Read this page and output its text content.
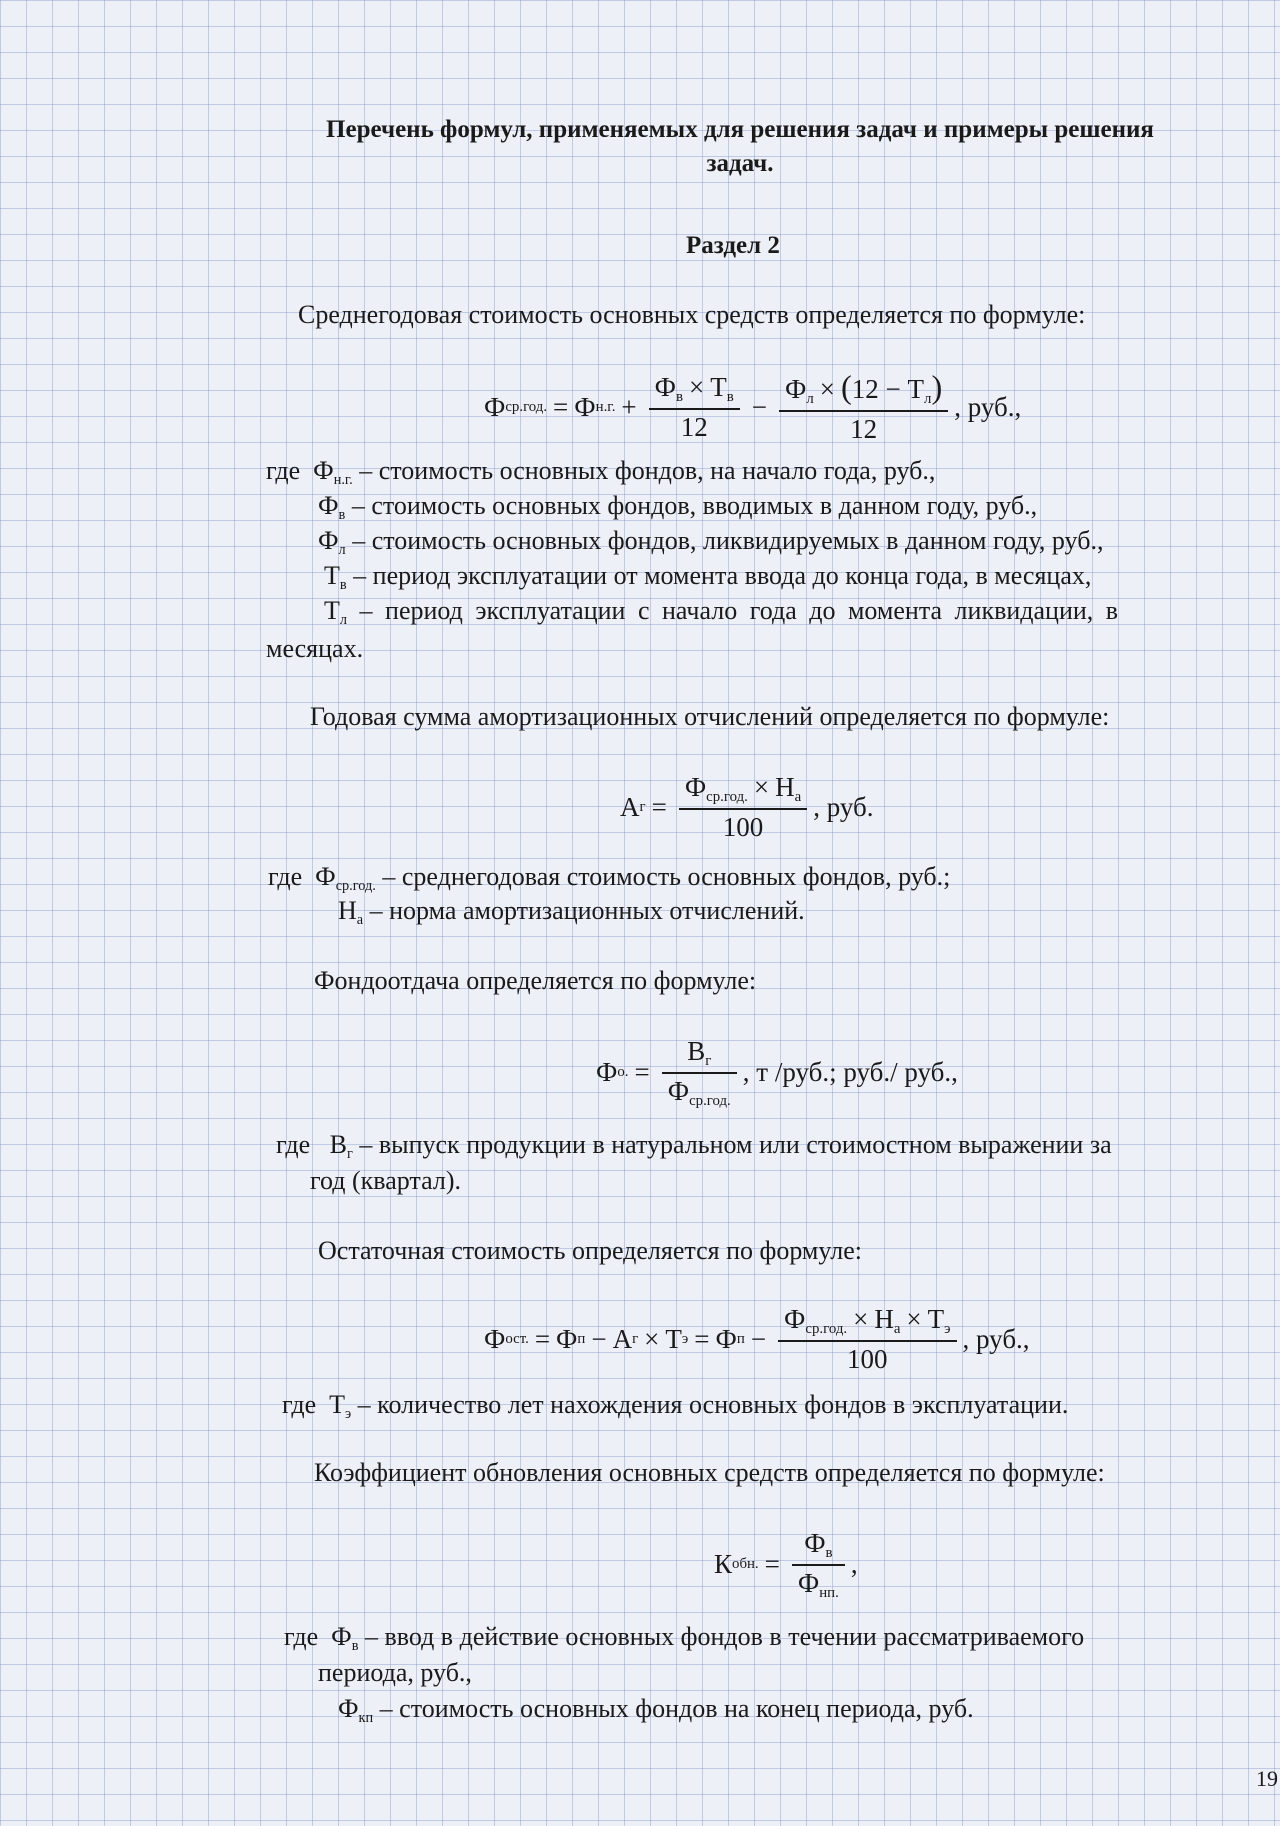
Перечень формул, применяемых для решения задач и примеры решения
задач.
Раздел 2
Среднегодовая стоимость основных средств определяется по формуле:
Ф ср.год. = Ф н.г. + $\frac{Ф_в \times Т_в}{12} - \frac{Ф_л \times (12 - Т_л)}{12}$ , руб.,
где $Ф_{н.г.}$ – стоимость основных фондов, на начало года, руб.,
$Ф_в$ – стоимость основных фондов, вводимых в данном году, руб.,
$Ф_л$ – стоимость основных фондов, ликвидируемых в данном году, руб.,
$Т_в$ – период эксплуатации от момента ввода до конца года, в месяцах,
$Т_л$ – период эксплуатации с начало года до момента ликвидации, в
месяцах.
Годовая сумма амортизационных отчислений определяется по формуле:
А $г = \frac{Ф_{ср.год.} \times Н_а}{100}$ , руб.
где $Ф_{ср.год.}$ – среднегодовая стоимость основных фондов, руб.;
$Н_а$ – норма амортизационных отчислений.
Фондоотдача определяется по формуле:
Ф о. = $\frac{В_г}{Ф_{ср.год.}}$ , т /руб.; руб./ руб.,
где $В_г$ – выпуск продукции в натуральном или стоимостном выражении за
год (квартал).
Остаточная стоимость определяется по формуле:
Ф ост. = Ф п − А г × Т э = Ф $п - \frac{Ф_{ср.год.} \times Н_а \times Т_э}{100}$ , руб.,
где $Т_э$ – количество лет нахождения основных фондов в эксплуатации.
Коэффициент обновления основных средств определяется по формуле:
К обн. = $\frac{Ф_в}{Ф_{нп.}}$ ,
где $Ф_в$ – ввод в действие основных фондов в течении рассматриваемого
периода, руб.,
$Ф_{кп}$ – стоимость основных фондов на конец периода, руб.
19
